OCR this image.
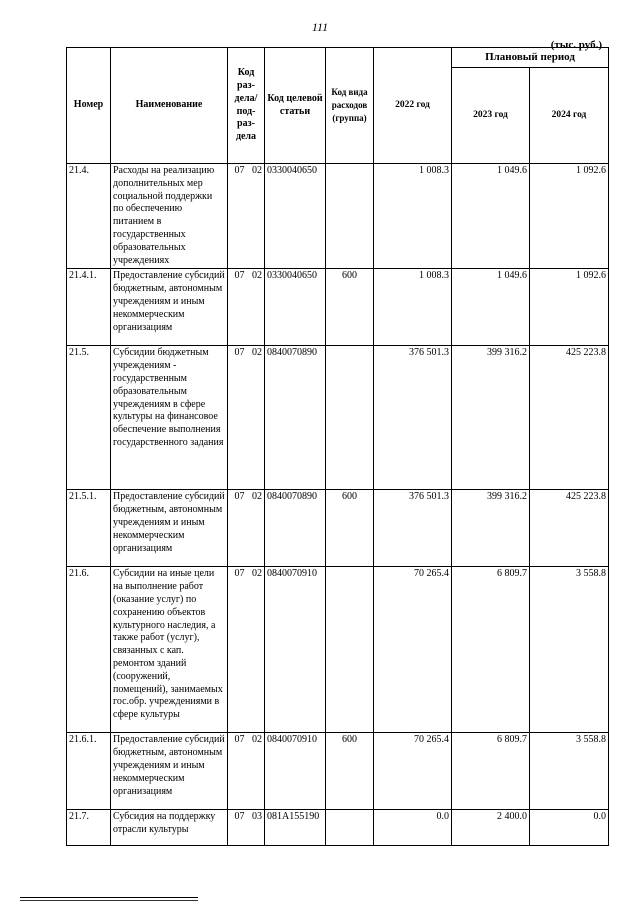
111
(тыс. руб.)
Номер	Наименование	Код раз-дела/ под-раз-дела	Код целевой статьи	Код вида расходов (группа)	2022 год	Плановый период	
						2023 год	2024 год
21.4.	Расходы на реализацию дополнительных мер социальной поддержки по обеспечению питанием в государственных образовательных учреждениях	07 02	0330040650		1 008.3	1 049.6	1 092.6
21.4.1.	Предоставление субсидий бюджетным, автономным учреждениям и иным некоммерческим организациям	07 02	0330040650	600	1 008.3	1 049.6	1 092.6
21.5.	Субсидии бюджетным учреждениям - государственным образовательным учреждениям в сфере культуры на финансовое обеспечение выполнения государственного задания	07 02	0840070890		376 501.3	399 316.2	425 223.8
21.5.1.	Предоставление субсидий бюджетным, автономным учреждениям и иным некоммерческим организациям	07 02	0840070890	600	376 501.3	399 316.2	425 223.8
21.6.	Субсидии на иные цели на выполнение работ (оказание услуг) по сохранению объектов культурного наследия, а также работ (услуг), связанных с кап. ремонтом зданий (сооружений, помещений), занимаемых гос.обр. учреждениями в сфере культуры	07 02	0840070910		70 265.4	6 809.7	3 558.8
21.6.1.	Предоставление субсидий бюджетным, автономным учреждениям и иным некоммерческим организациям	07 02	0840070910	600	70 265.4	6 809.7	3 558.8
21.7.	Субсидия на поддержку отрасли культуры	07 03	081A155190		0.0	2 400.0	0.0
